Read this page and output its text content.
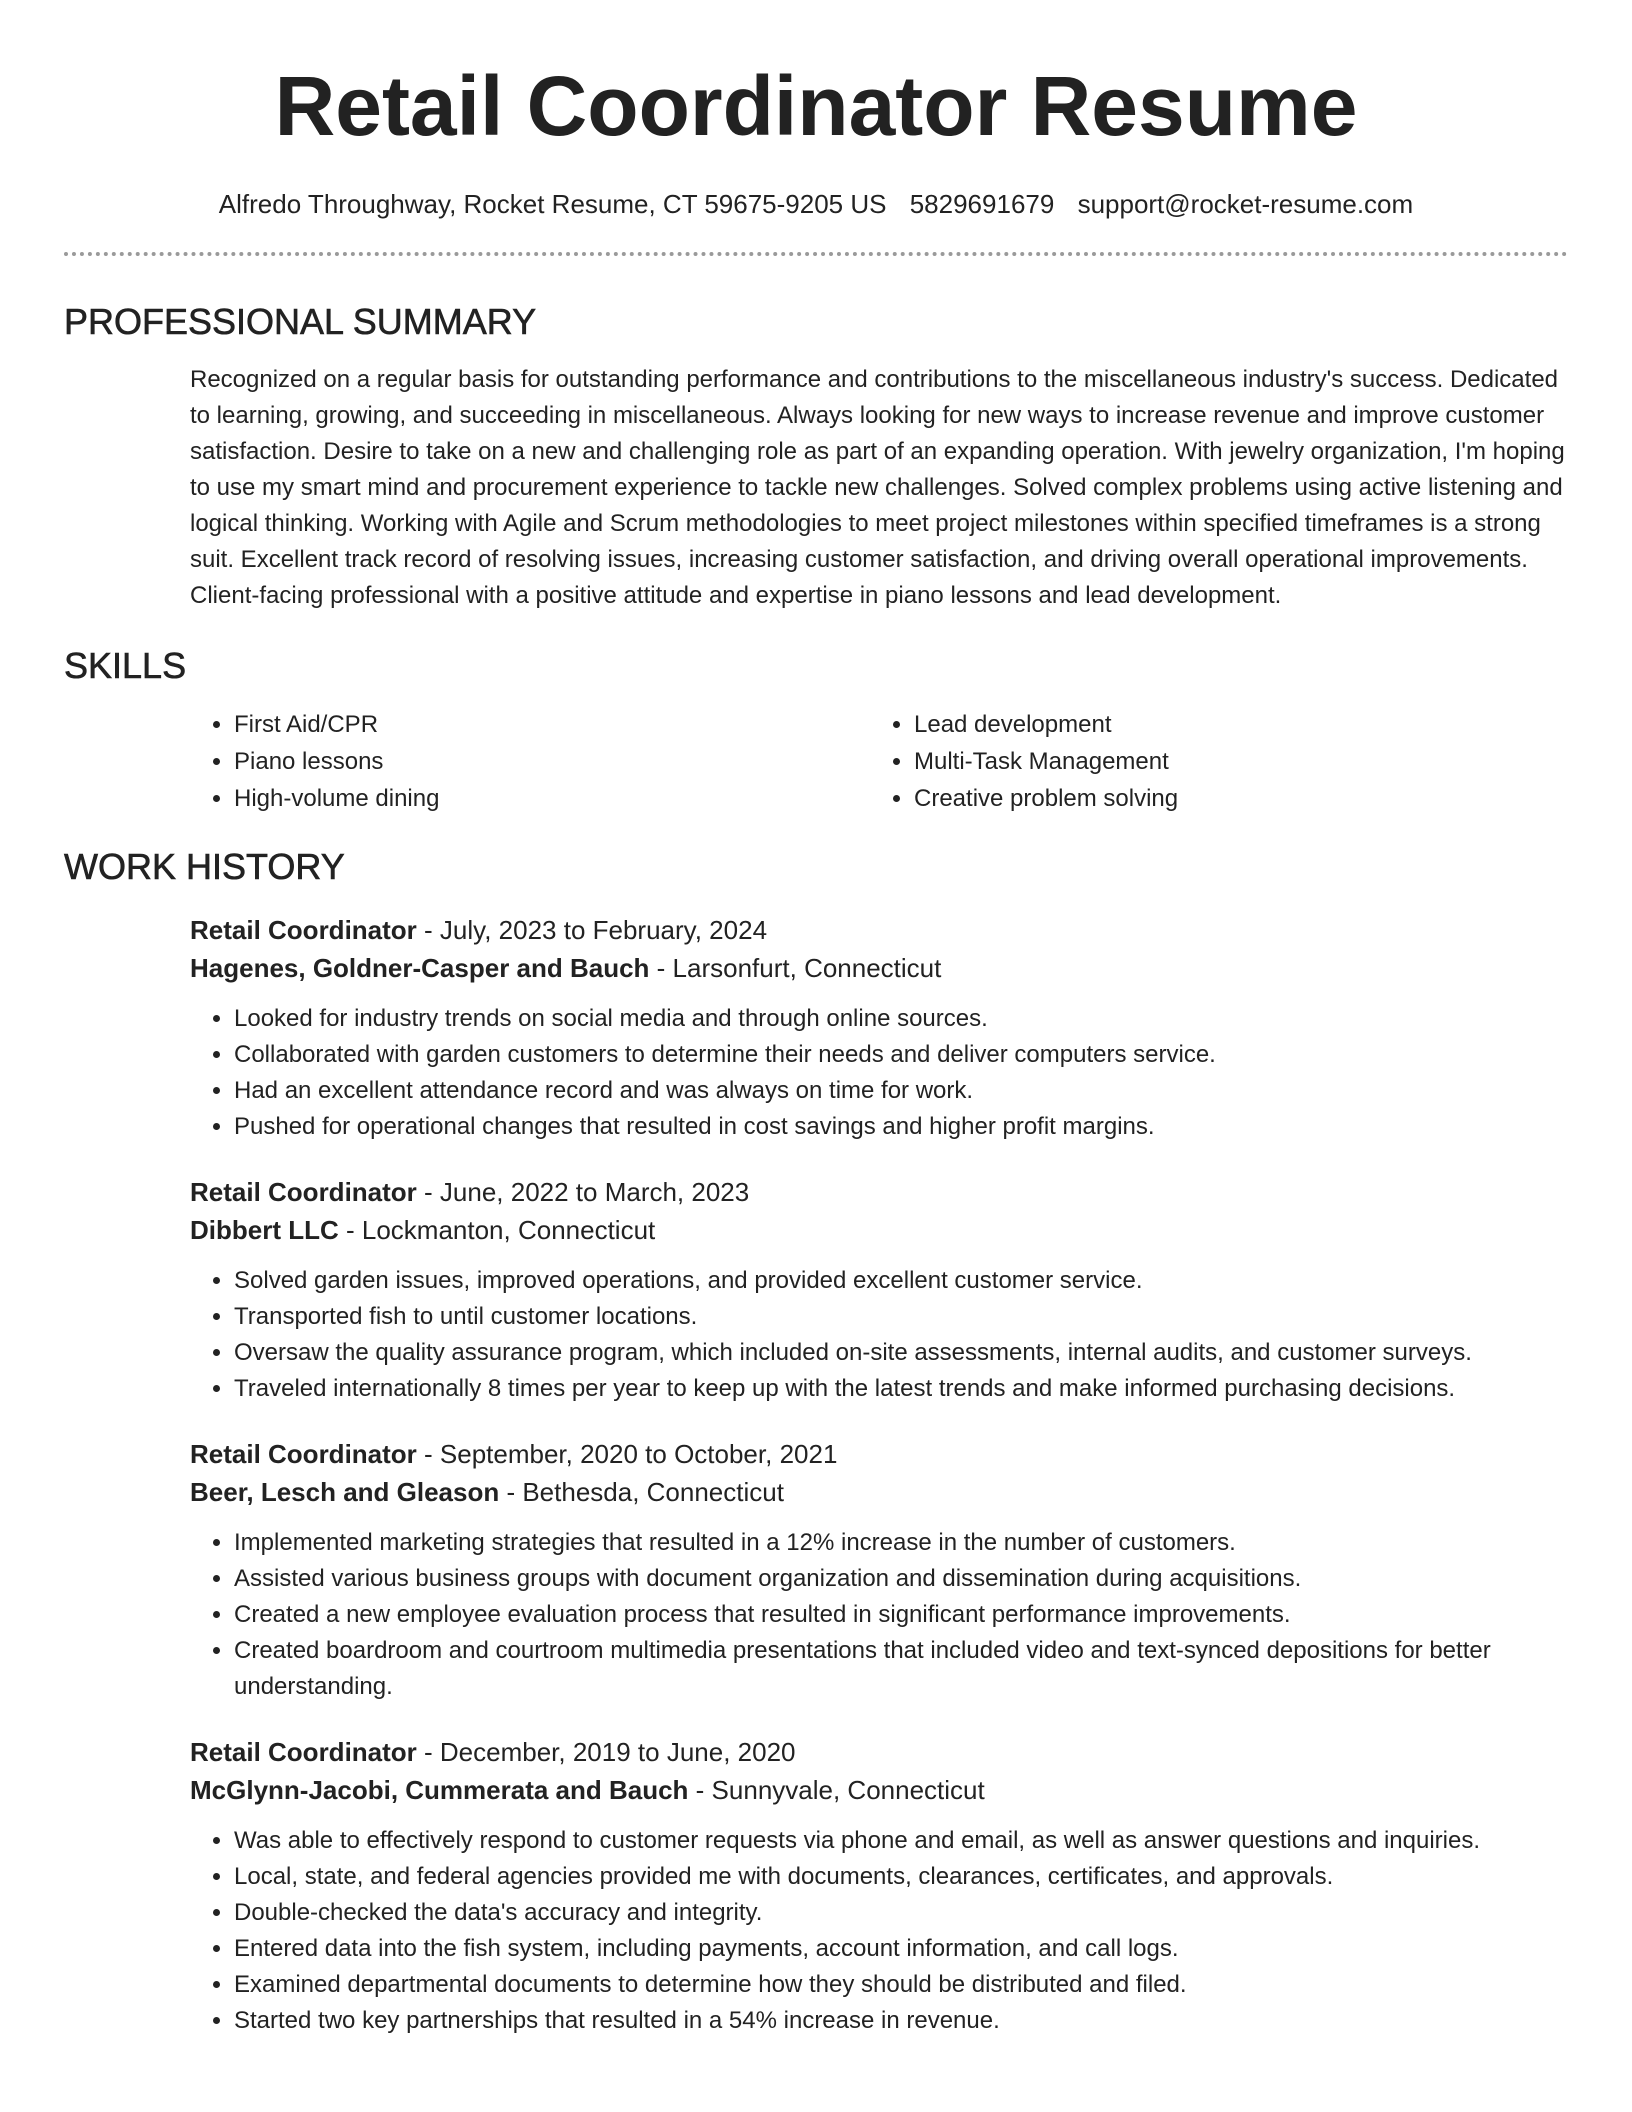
Retail Coordinator Resume
Alfredo Throughway, Rocket Resume, CT 59675-9205 US 5829691679 support@rocket-resume.com
PROFESSIONAL SUMMARY
Recognized on a regular basis for outstanding performance and contributions to the miscellaneous industry's success. Dedicated to learning, growing, and succeeding in miscellaneous. Always looking for new ways to increase revenue and improve customer satisfaction. Desire to take on a new and challenging role as part of an expanding operation. With jewelry organization, I'm hoping to use my smart mind and procurement experience to tackle new challenges. Solved complex problems using active listening and logical thinking. Working with Agile and Scrum methodologies to meet project milestones within specified timeframes is a strong suit. Excellent track record of resolving issues, increasing customer satisfaction, and driving overall operational improvements. Client-facing professional with a positive attitude and expertise in piano lessons and lead development.
SKILLS
• First Aid/CPR
• Piano lessons
• High-volume dining
• Lead development
• Multi-Task Management
• Creative problem solving
WORK HISTORY
Retail Coordinator - July, 2023 to February, 2024
Hagenes, Goldner-Casper and Bauch - Larsonfurt, Connecticut
• Looked for industry trends on social media and through online sources.
• Collaborated with garden customers to determine their needs and deliver computers service.
• Had an excellent attendance record and was always on time for work.
• Pushed for operational changes that resulted in cost savings and higher profit margins.
Retail Coordinator - June, 2022 to March, 2023
Dibbert LLC - Lockmanton, Connecticut
• Solved garden issues, improved operations, and provided excellent customer service.
• Transported fish to until customer locations.
• Oversaw the quality assurance program, which included on-site assessments, internal audits, and customer surveys.
• Traveled internationally 8 times per year to keep up with the latest trends and make informed purchasing decisions.
Retail Coordinator - September, 2020 to October, 2021
Beer, Lesch and Gleason - Bethesda, Connecticut
• Implemented marketing strategies that resulted in a 12% increase in the number of customers.
• Assisted various business groups with document organization and dissemination during acquisitions.
• Created a new employee evaluation process that resulted in significant performance improvements.
• Created boardroom and courtroom multimedia presentations that included video and text-synced depositions for better understanding.
Retail Coordinator - December, 2019 to June, 2020
McGlynn-Jacobi, Cummerata and Bauch - Sunnyvale, Connecticut
• Was able to effectively respond to customer requests via phone and email, as well as answer questions and inquiries.
• Local, state, and federal agencies provided me with documents, clearances, certificates, and approvals.
• Double-checked the data's accuracy and integrity.
• Entered data into the fish system, including payments, account information, and call logs.
• Examined departmental documents to determine how they should be distributed and filed.
• Started two key partnerships that resulted in a 54% increase in revenue.
